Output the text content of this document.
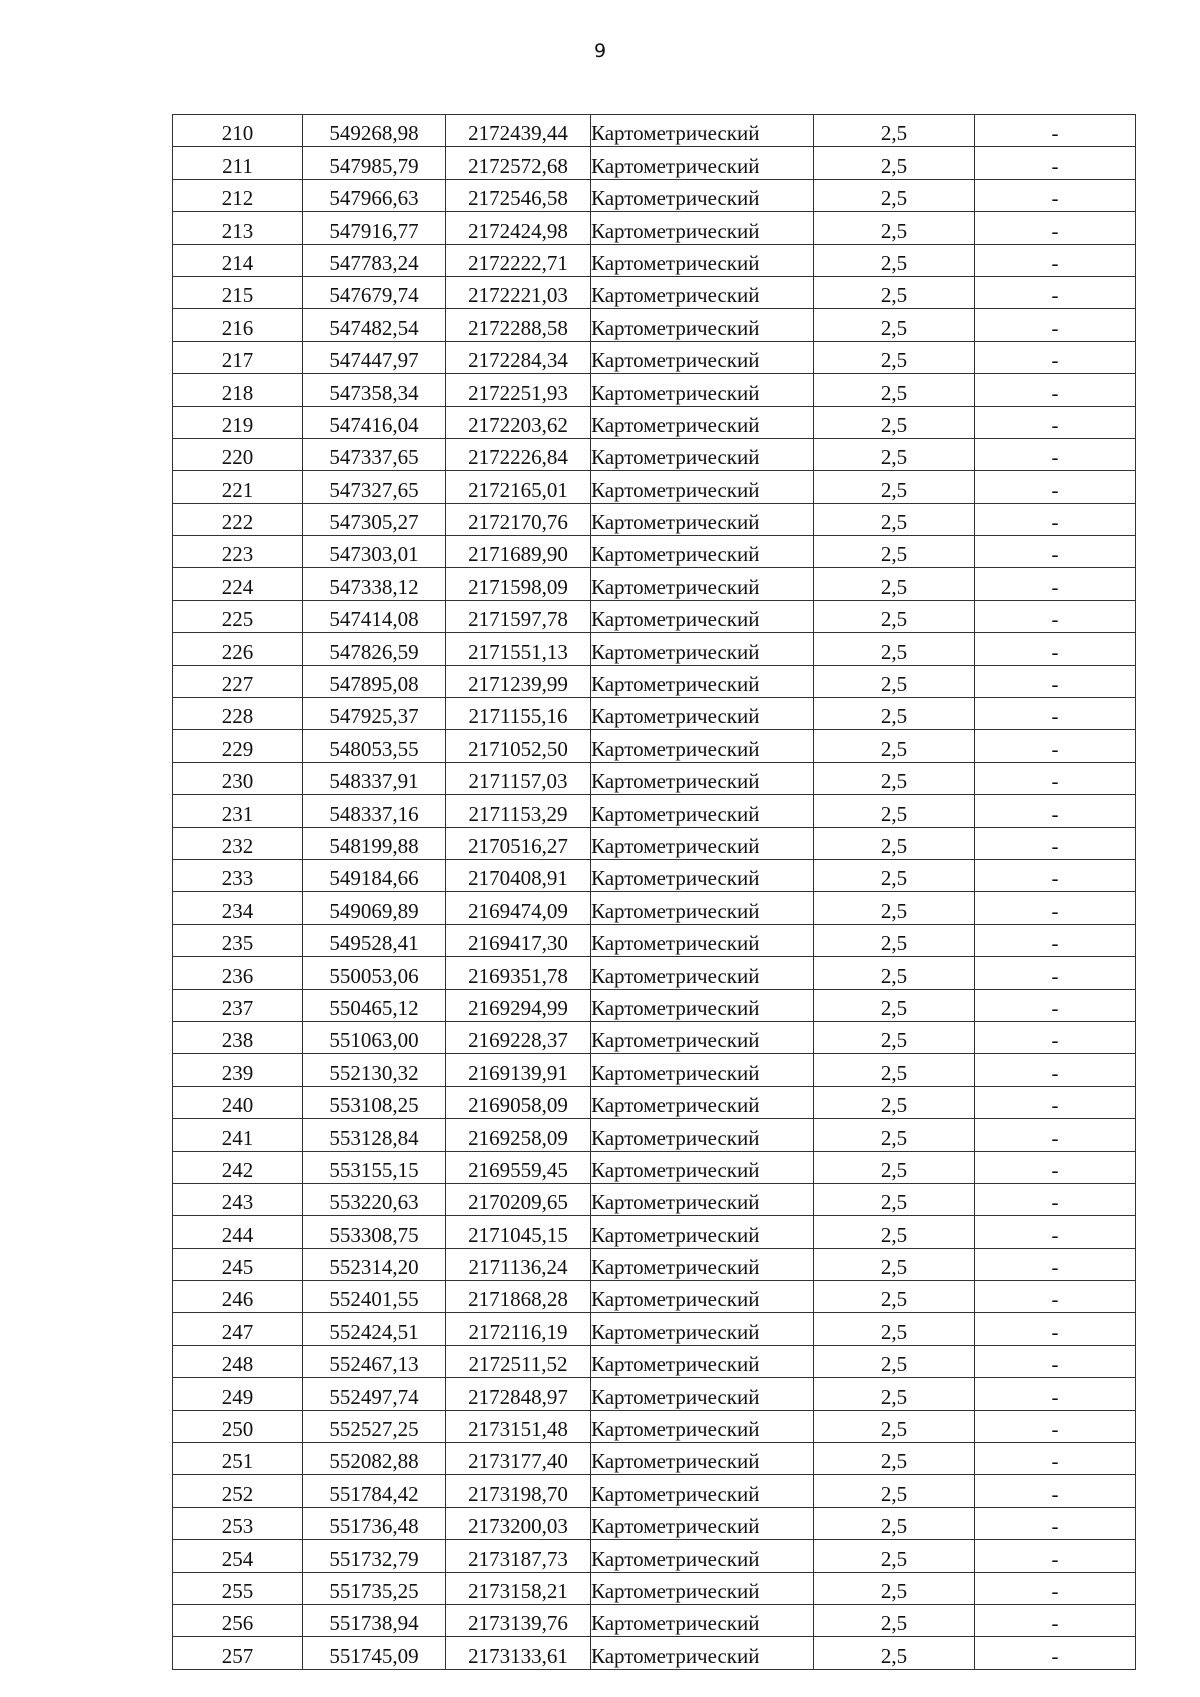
9
210	549268,98	2172439,44	Картометрический	2,5	-
211	547985,79	2172572,68	Картометрический	2,5	-
212	547966,63	2172546,58	Картометрический	2,5	-
213	547916,77	2172424,98	Картометрический	2,5	-
214	547783,24	2172222,71	Картометрический	2,5	-
215	547679,74	2172221,03	Картометрический	2,5	-
216	547482,54	2172288,58	Картометрический	2,5	-
217	547447,97	2172284,34	Картометрический	2,5	-
218	547358,34	2172251,93	Картометрический	2,5	-
219	547416,04	2172203,62	Картометрический	2,5	-
220	547337,65	2172226,84	Картометрический	2,5	-
221	547327,65	2172165,01	Картометрический	2,5	-
222	547305,27	2172170,76	Картометрический	2,5	-
223	547303,01	2171689,90	Картометрический	2,5	-
224	547338,12	2171598,09	Картометрический	2,5	-
225	547414,08	2171597,78	Картометрический	2,5	-
226	547826,59	2171551,13	Картометрический	2,5	-
227	547895,08	2171239,99	Картометрический	2,5	-
228	547925,37	2171155,16	Картометрический	2,5	-
229	548053,55	2171052,50	Картометрический	2,5	-
230	548337,91	2171157,03	Картометрический	2,5	-
231	548337,16	2171153,29	Картометрический	2,5	-
232	548199,88	2170516,27	Картометрический	2,5	-
233	549184,66	2170408,91	Картометрический	2,5	-
234	549069,89	2169474,09	Картометрический	2,5	-
235	549528,41	2169417,30	Картометрический	2,5	-
236	550053,06	2169351,78	Картометрический	2,5	-
237	550465,12	2169294,99	Картометрический	2,5	-
238	551063,00	2169228,37	Картометрический	2,5	-
239	552130,32	2169139,91	Картометрический	2,5	-
240	553108,25	2169058,09	Картометрический	2,5	-
241	553128,84	2169258,09	Картометрический	2,5	-
242	553155,15	2169559,45	Картометрический	2,5	-
243	553220,63	2170209,65	Картометрический	2,5	-
244	553308,75	2171045,15	Картометрический	2,5	-
245	552314,20	2171136,24	Картометрический	2,5	-
246	552401,55	2171868,28	Картометрический	2,5	-
247	552424,51	2172116,19	Картометрический	2,5	-
248	552467,13	2172511,52	Картометрический	2,5	-
249	552497,74	2172848,97	Картометрический	2,5	-
250	552527,25	2173151,48	Картометрический	2,5	-
251	552082,88	2173177,40	Картометрический	2,5	-
252	551784,42	2173198,70	Картометрический	2,5	-
253	551736,48	2173200,03	Картометрический	2,5	-
254	551732,79	2173187,73	Картометрический	2,5	-
255	551735,25	2173158,21	Картометрический	2,5	-
256	551738,94	2173139,76	Картометрический	2,5	-
257	551745,09	2173133,61	Картометрический	2,5	-
